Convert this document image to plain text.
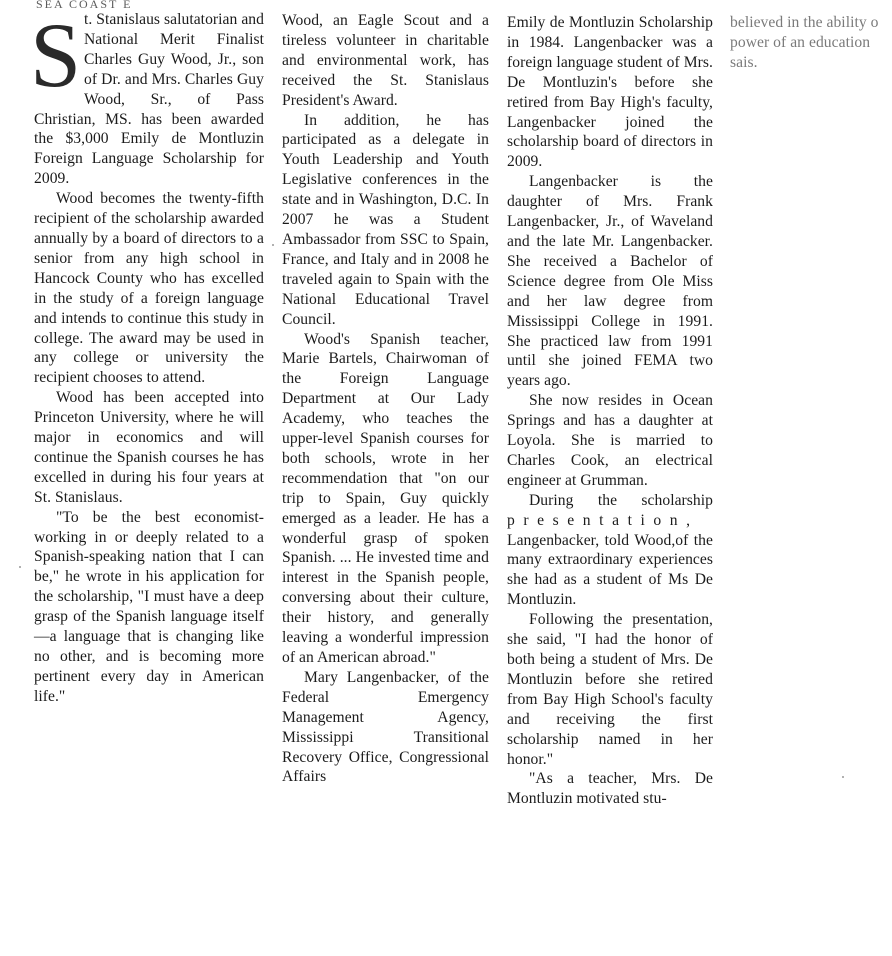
SEA COAST E
S t. Stanislaus salutatorian and National Merit Finalist Charles Guy Wood, Jr., son of Dr. and Mrs. Charles Guy Wood, Sr., of Pass Christian, MS. has been awarded the $3,000 Emily de Montluzin Foreign Language Scholarship for 2009.

Wood becomes the twenty-fifth recipient of the scholarship awarded annually by a board of directors to a senior from any high school in Hancock County who has excelled in the study of a foreign language and intends to continue this study in college. The award may be used in any college or university the recipient chooses to attend.

Wood has been accepted into Princeton University, where he will major in economics and will continue the Spanish courses he has excelled in during his four years at St. Stanislaus.

"To be the best economist-working in or deeply related to a Spanish-speaking nation that I can be," he wrote in his application for the scholarship, "I must have a deep grasp of the Spanish language itself—a language that is changing like no other, and is becoming more pertinent every day in American life."

Wood, an Eagle Scout and a tireless volunteer in charitable and environmental work, has received the St. Stanislaus President's Award.

In addition, he has participated as a delegate in Youth Leadership and Youth Legislative conferences in the state and in Washington, D.C. In 2007 he was a Student Ambassador from SSC to Spain, France, and Italy and in 2008 he traveled again to Spain with the National Educational Travel Council.

Wood's Spanish teacher, Marie Bartels, Chairwoman of the Foreign Language Department at Our Lady Academy, who teaches the upper-level Spanish courses for both schools, wrote in her recommendation that "on our trip to Spain, Guy quickly emerged as a leader. He has a wonderful grasp of spoken Spanish. ... He invested time and interest in the Spanish people, conversing about their culture, their history, and generally leaving a wonderful impression of an American abroad."

Mary Langenbacker, of the Federal Emergency Management Agency, Mississippi Transitional Recovery Office, Congressional Affairs

Emily de Montluzin Scholarship in 1984. Langenbacker was a foreign language student of Mrs. De Montluzin's before she retired from Bay High's faculty, Langenbacker joined the scholarship board of directors in 2009.

Langenbacker is the daughter of Mrs. Frank Langenbacker, Jr., of Waveland and the late Mr. Langenbacker. She received a Bachelor of Science degree from Ole Miss and her law degree from Mississippi College in 1991. She practiced law from 1991 until she joined FEMA two years ago.

She now resides in Ocean Springs and has a daughter at Loyola. She is married to Charles Cook, an electrical engineer at Grumman.

During the scholarship presentation, Langenbacker, told Wood,of the many extraordinary experiences she had as a student of Ms De Montluzin.

Following the presentation, she said, "I had the honor of both being a student of Mrs. De Montluzin before she retired from Bay High School's faculty and receiving the first scholarship named in her honor."

"As a teacher, Mrs. De Montluzin motivated stu-

believed in the ability o
power of an education
sais.
